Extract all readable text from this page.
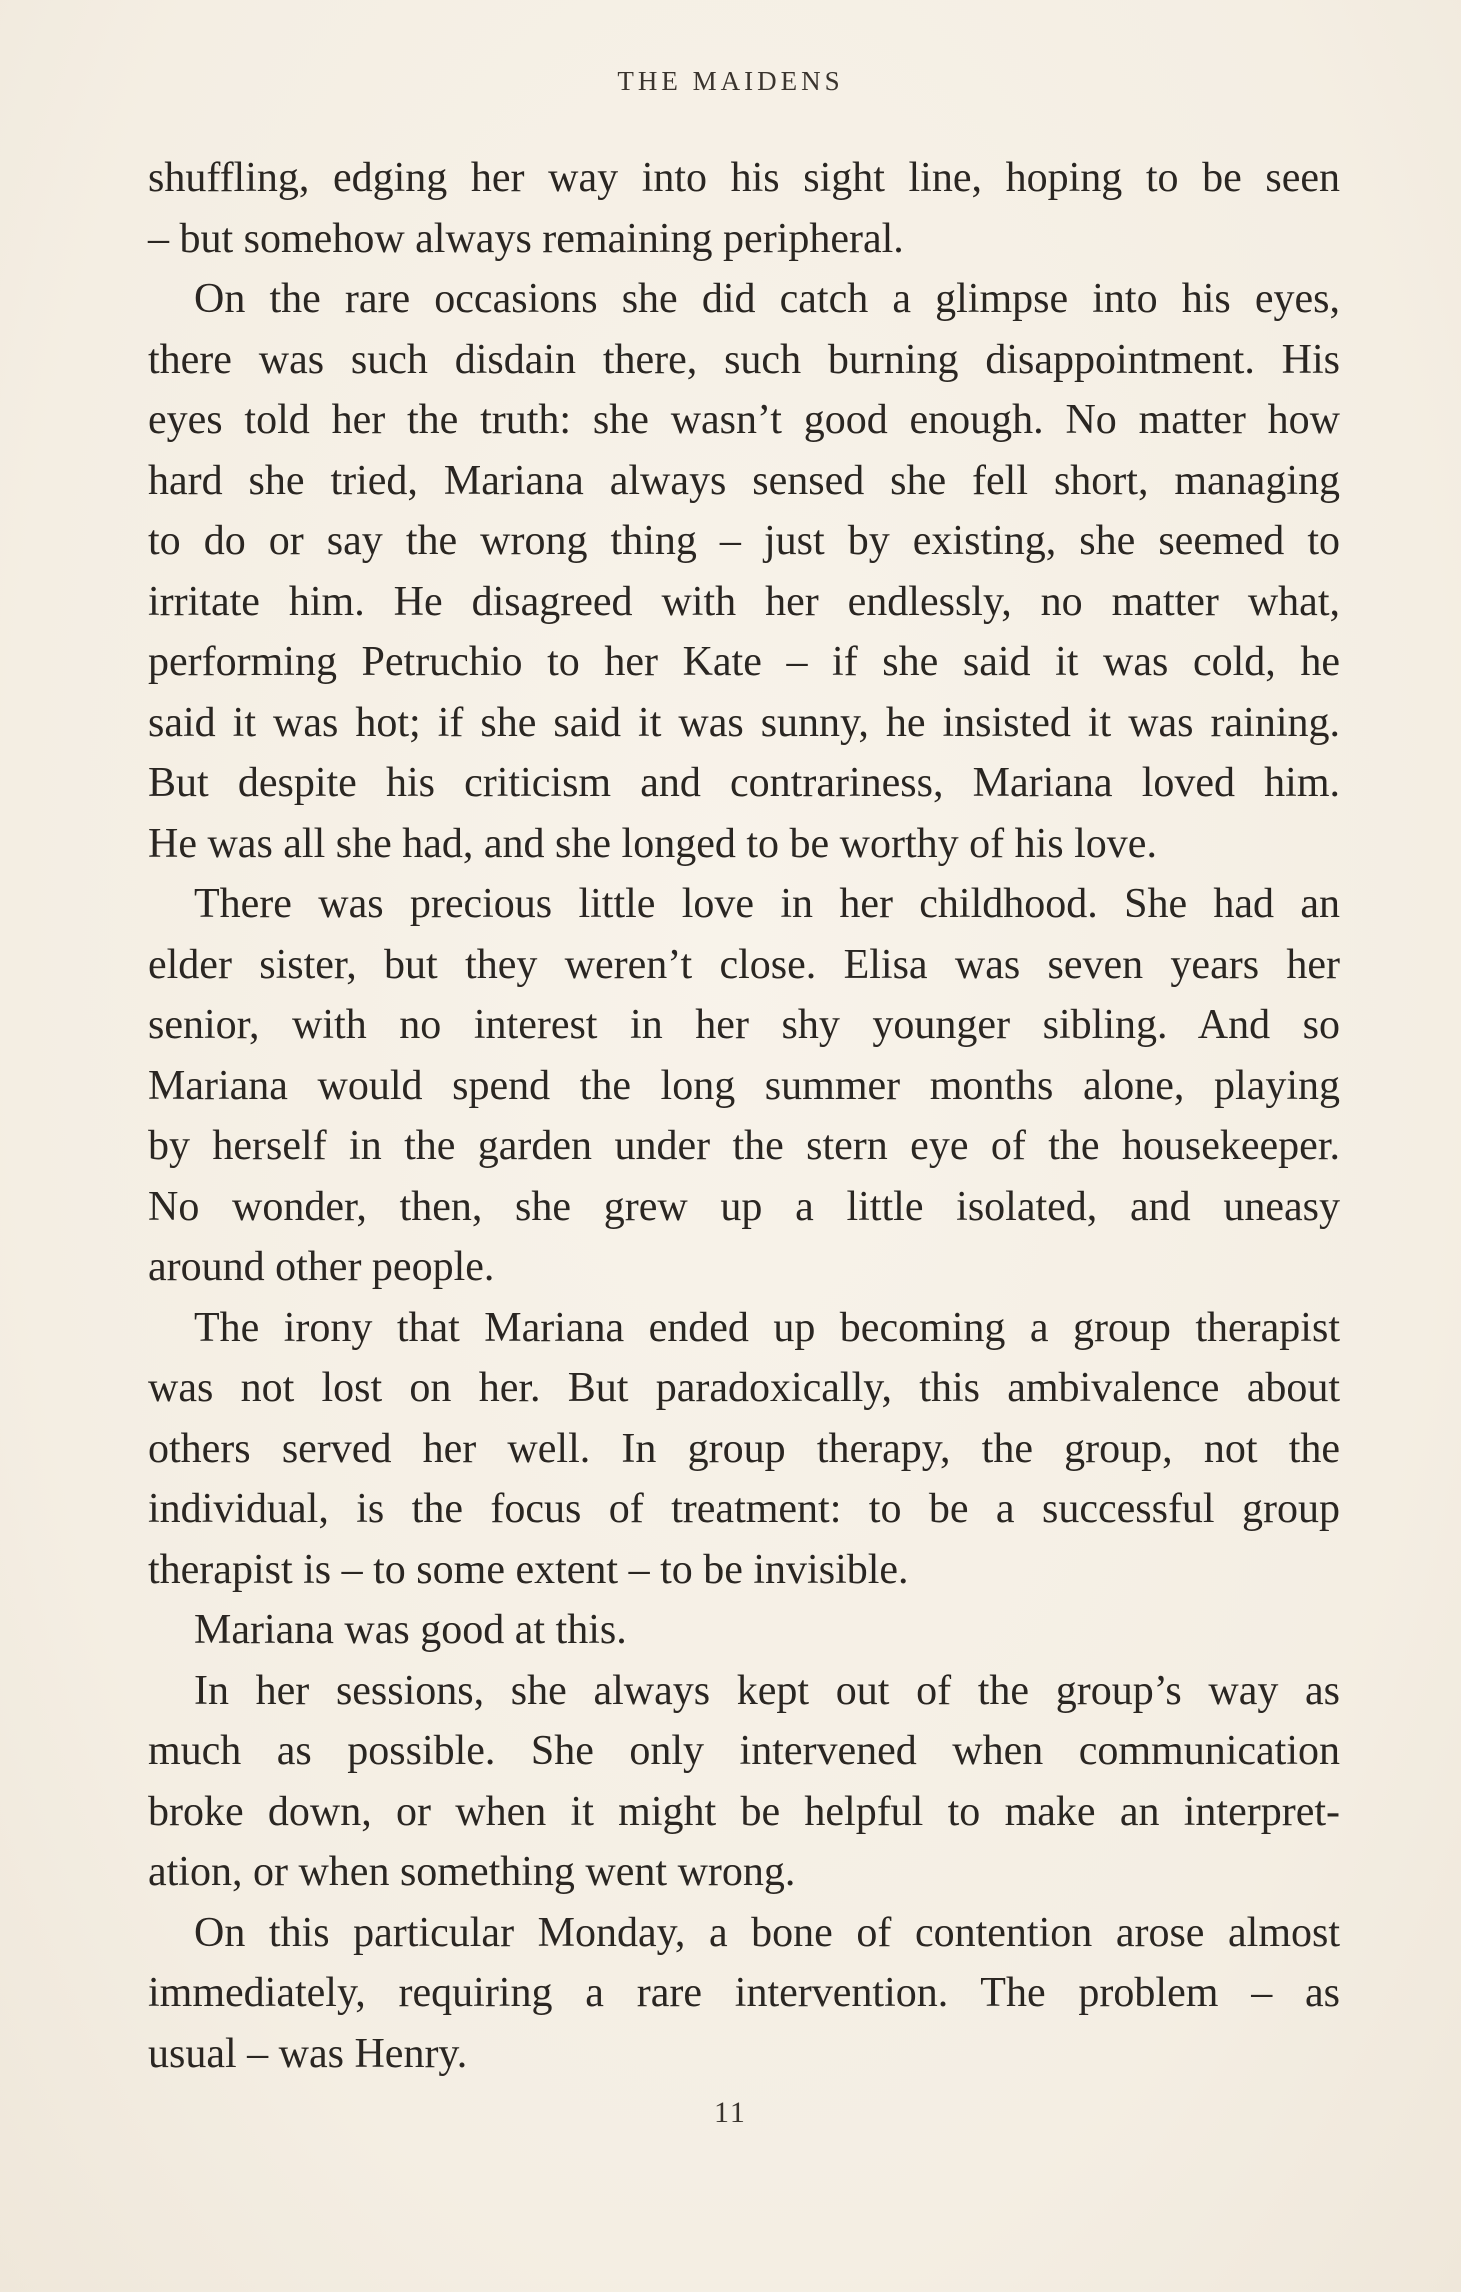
THE MAIDENS

shuffling, edging her way into his sight line, hoping to be seen
– but somehow always remaining peripheral.

On the rare occasions she did catch a glimpse into his eyes,
there was such disdain there, such burning disappointment. His
eyes told her the truth: she wasn’t good enough. No matter how
hard she tried, Mariana always sensed she fell short, managing
to do or say the wrong thing – just by existing, she seemed to
irritate him. He disagreed with her endlessly, no matter what,
performing Petruchio to her Kate – if she said it was cold, he
said it was hot; if she said it was sunny, he insisted it was raining.
But despite his criticism and contrariness, Mariana loved him.
He was all she had, and she longed to be worthy of his love.

There was precious little love in her childhood. She had an
elder sister, but they weren’t close. Elisa was seven years her
senior, with no interest in her shy younger sibling. And so
Mariana would spend the long summer months alone, playing
by herself in the garden under the stern eye of the housekeeper.
No wonder, then, she grew up a little isolated, and uneasy
around other people.

The irony that Mariana ended up becoming a group therapist
was not lost on her. But paradoxically, this ambivalence about
others served her well. In group therapy, the group, not the
individual, is the focus of treatment: to be a successful group
therapist is – to some extent – to be invisible.

Mariana was good at this.

In her sessions, she always kept out of the group’s way as
much as possible. She only intervened when communication
broke down, or when it might be helpful to make an interpret-
ation, or when something went wrong.

On this particular Monday, a bone of contention arose almost
immediately, requiring a rare intervention. The problem – as
usual – was Henry.

11
